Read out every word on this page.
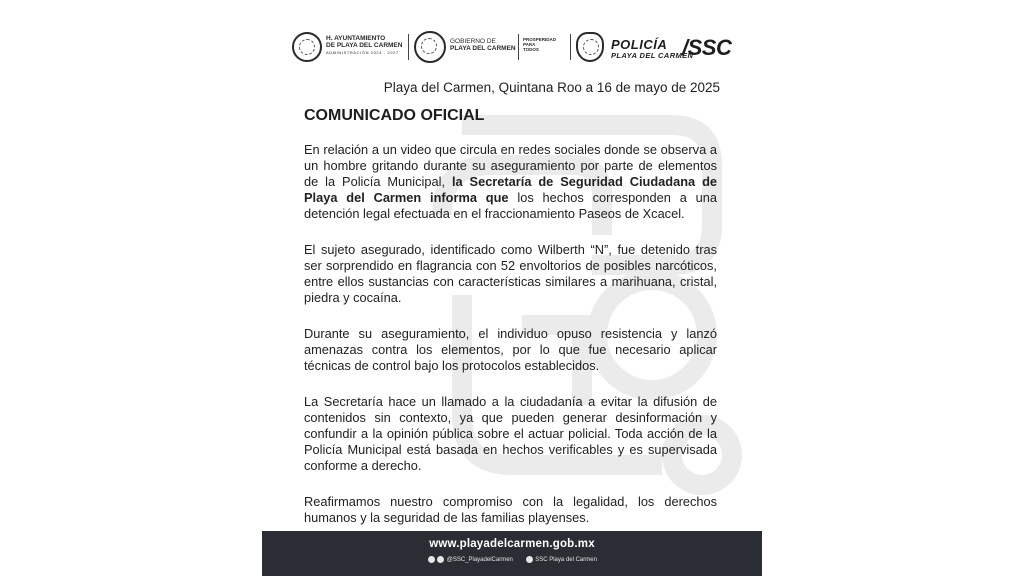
H. AYUNTAMIENTO
DE PLAYA DEL CARMEN
ADMINISTRACIÓN 2024 - 2027
GOBIERNO DE
PLAYA DEL CARMEN
PROSPERIDAD
PARA
TODOS	POLICÍA
PLAYA DEL CARMEN
/SSC
Playa del Carmen, Quintana Roo a 16 de mayo de 2025
COMUNICADO OFICIAL

En relación a un video que circula en redes sociales donde se observa a un hombre gritando durante su aseguramiento por parte de elementos de la Policía Municipal, la Secretaría de Seguridad Ciudadana de Playa del Carmen informa que los hechos corresponden a una detención legal efectuada en el fraccionamiento Paseos de Xcacel.

El sujeto asegurado, identificado como Wilberth “N”, fue detenido tras ser sorprendido en flagrancia con 52 envoltorios de posibles narcóticos, entre ellos sustancias con características similares a marihuana, cristal, piedra y cocaína.

Durante su aseguramiento, el individuo opuso resistencia y lanzó amenazas contra los elementos, por lo que fue necesario aplicar técnicas de control bajo los protocolos establecidos.

La Secretaría hace un llamado a la ciudadanía a evitar la difusión de contenidos sin contexto, ya que pueden generar desinformación y confundir a la opinión pública sobre el actuar policial. Toda acción de la Policía Municipal está basada en hechos verificables y es supervisada conforme a derecho.

Reafirmamos nuestro compromiso con la legalidad, los derechos humanos y la seguridad de las familias playenses.

www.playadelcarmen.gob.mx
@SSC_PlayadelCarmen	SSC Playa del Carmen
